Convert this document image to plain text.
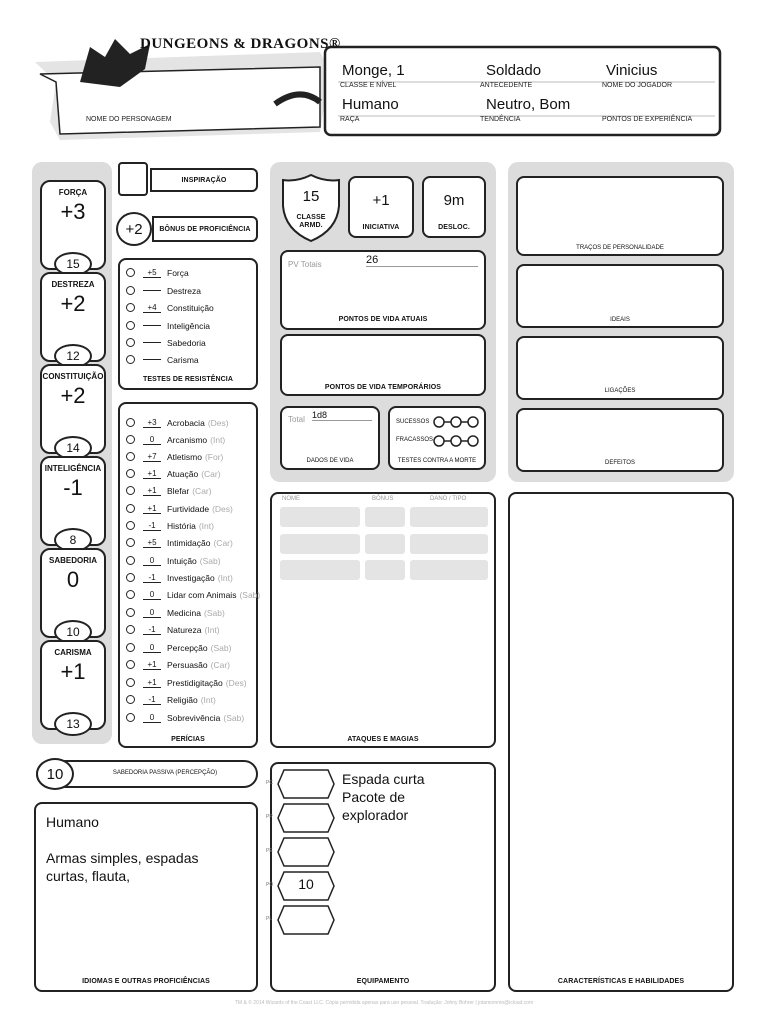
DUNGEONS & DRAGONS®
NOME DO PERSONAGEM
Monge, 1
CLASSE E NÍVEL
Soldado
ANTECEDENTE
Vinicius
NOME DO JOGADOR
Humano
RAÇA
Neutro, Bom
TENDÊNCIA	PONTOS DE EXPERIÊNCIA
FORÇA
+3
15
DESTREZA
+2
12
CONSTITUIÇÃO
+2
14
INTELIGÊNCIA
-1
8
SABEDORIA
0
10
CARISMA
+1
13
INSPIRAÇÃO
+2	BÔNUS DE PROFICIÊNCIA
+5	Força
Destreza
+4	Constituição
Inteligência
Sabedoria
Carisma
TESTES DE RESISTÊNCIA
+3	Acrobacia (Des)
0	Arcanismo (Int)
+7	Atletismo (For)
+1	Atuação (Car)
+1	Blefar (Car)
+1	Furtividade (Des)
-1	História (Int)
+5	Intimidação (Car)
0	Intuição (Sab)
-1	Investigação (Int)
0	Lidar com Animais (Sab)
0	Medicina (Sab)
-1	Natureza (Int)
0	Percepção (Sab)
+1	Persuasão (Car)
+1	Prestidigitação (Des)
-1	Religião (Int)
0	Sobrevivência (Sab)
PERÍCIAS
10	SABEDORIA PASSIVA (PERCEPÇÃO)
Humano
Armas simples, espadas
curtas, flauta,
IDIOMAS E OUTRAS PROFICIÊNCIAS
15
CLASSE ARMD.
+1
INICIATIVA
9m
DESLOC.
PV Totais	26
PONTOS DE VIDA ATUAIS
PONTOS DE VIDA TEMPORÁRIOS
Total 1d8
DADOS DE VIDA
SUCESSOS
FRACASSOS
TESTES CONTRA A MORTE
TRAÇOS DE PERSONALIDADE
IDEAIS
LIGAÇÕES
DEFEITOS
NOME	BÔNUS	DANO / TIPO
ATAQUES E MAGIAS
PC
PP
PE
PO
PL
10
Espada curta
Pacote de
explorador
EQUIPAMENTO	CARACTERÍSTICAS E HABILIDADES
TM & © 2014 Wizards of the Coast LLC. Cópia permitida apenas para uso pessoal. Tradução: Johny Bohrer | jotamommo@icloud.com
